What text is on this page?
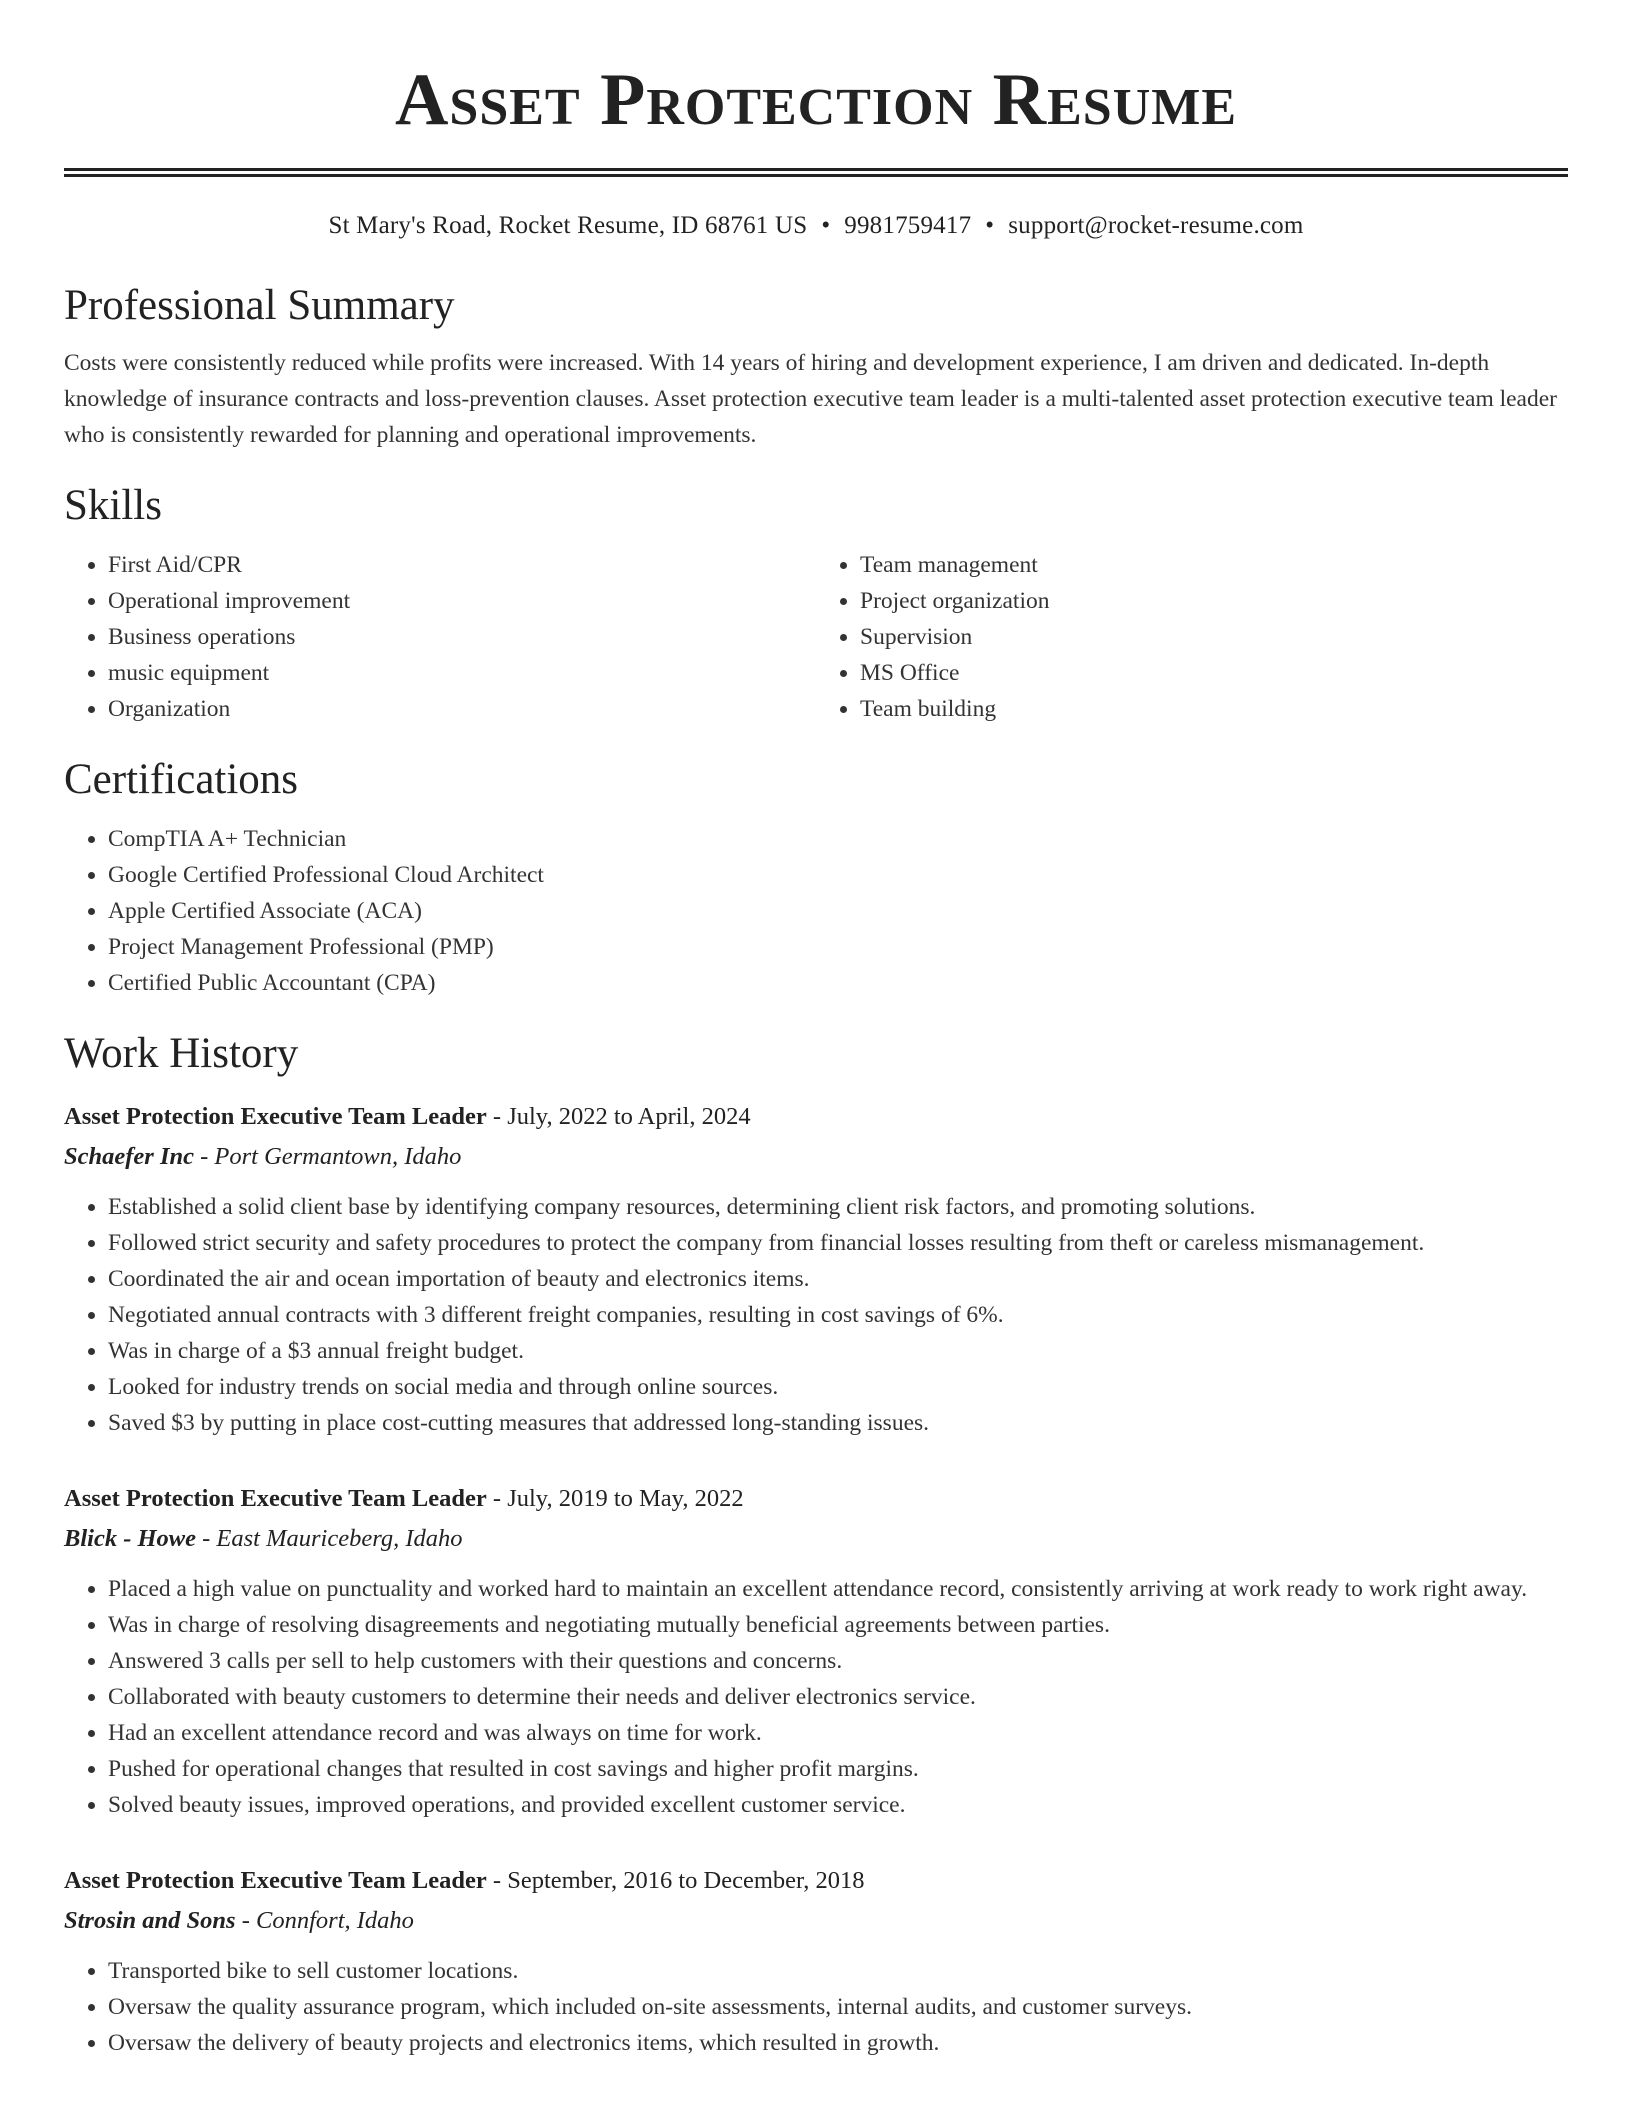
Asset Protection Resume
St Mary's Road, Rocket Resume, ID 68761 US • 9981759417 • support@rocket-resume.com
Professional Summary

Costs were consistently reduced while profits were increased. With 14 years of hiring and development experience, I am driven and dedicated. In-depth knowledge of insurance contracts and loss-prevention clauses. Asset protection executive team leader is a multi-talented asset protection executive team leader who is consistently rewarded for planning and operational improvements.

Skills
• First Aid/CPR
• Operational improvement
• Business operations
• music equipment
• Organization
• Team management
• Project organization
• Supervision
• MS Office
• Team building
Certifications
• CompTIA A+ Technician
• Google Certified Professional Cloud Architect
• Apple Certified Associate (ACA)
• Project Management Professional (PMP)
• Certified Public Accountant (CPA)
Work History
Asset Protection Executive Team Leader - July, 2022 to April, 2024
Schaefer Inc - Port Germantown, Idaho
• Established a solid client base by identifying company resources, determining client risk factors, and promoting solutions.
• Followed strict security and safety procedures to protect the company from financial losses resulting from theft or careless mismanagement.
• Coordinated the air and ocean importation of beauty and electronics items.
• Negotiated annual contracts with 3 different freight companies, resulting in cost savings of 6%.
• Was in charge of a $3 annual freight budget.
• Looked for industry trends on social media and through online sources.
• Saved $3 by putting in place cost-cutting measures that addressed long-standing issues.
Asset Protection Executive Team Leader - July, 2019 to May, 2022
Blick - Howe - East Mauriceberg, Idaho
• Placed a high value on punctuality and worked hard to maintain an excellent attendance record, consistently arriving at work ready to work right away.
• Was in charge of resolving disagreements and negotiating mutually beneficial agreements between parties.
• Answered 3 calls per sell to help customers with their questions and concerns.
• Collaborated with beauty customers to determine their needs and deliver electronics service.
• Had an excellent attendance record and was always on time for work.
• Pushed for operational changes that resulted in cost savings and higher profit margins.
• Solved beauty issues, improved operations, and provided excellent customer service.
Asset Protection Executive Team Leader - September, 2016 to December, 2018
Strosin and Sons - Connfort, Idaho
• Transported bike to sell customer locations.
• Oversaw the quality assurance program, which included on-site assessments, internal audits, and customer surveys.
• Oversaw the delivery of beauty projects and electronics items, which resulted in growth.
